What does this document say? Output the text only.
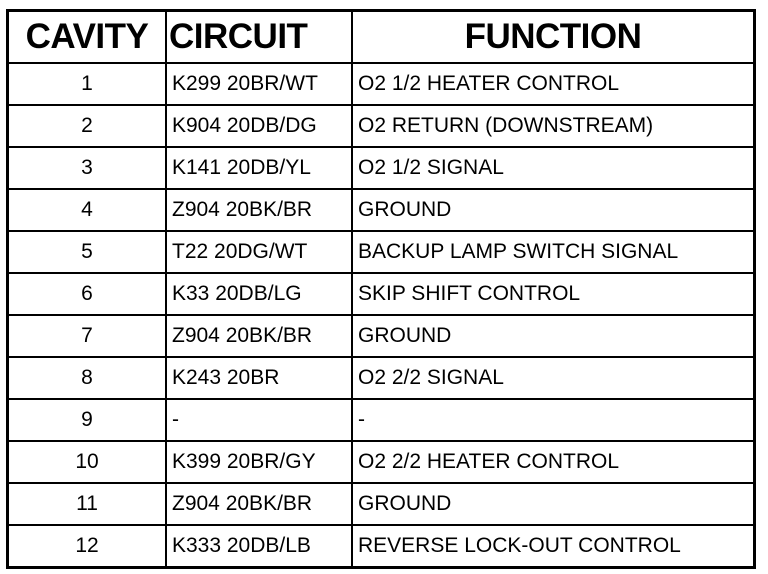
CAVITY	CIRCUIT	FUNCTION
1	K299 20BR/WT	O2 1/2 HEATER CONTROL
2	K904 20DB/DG	O2 RETURN (DOWNSTREAM)
3	K141 20DB/YL	O2 1/2 SIGNAL
4	Z904 20BK/BR	GROUND
5	T22 20DG/WT	BACKUP LAMP SWITCH SIGNAL
6	K33 20DB/LG	SKIP SHIFT CONTROL
7	Z904 20BK/BR	GROUND
8	K243 20BR	O2 2/2 SIGNAL
9	-	-
10	K399 20BR/GY	O2 2/2 HEATER CONTROL
11	Z904 20BK/BR	GROUND
12	K333 20DB/LB	REVERSE LOCK-OUT CONTROL
